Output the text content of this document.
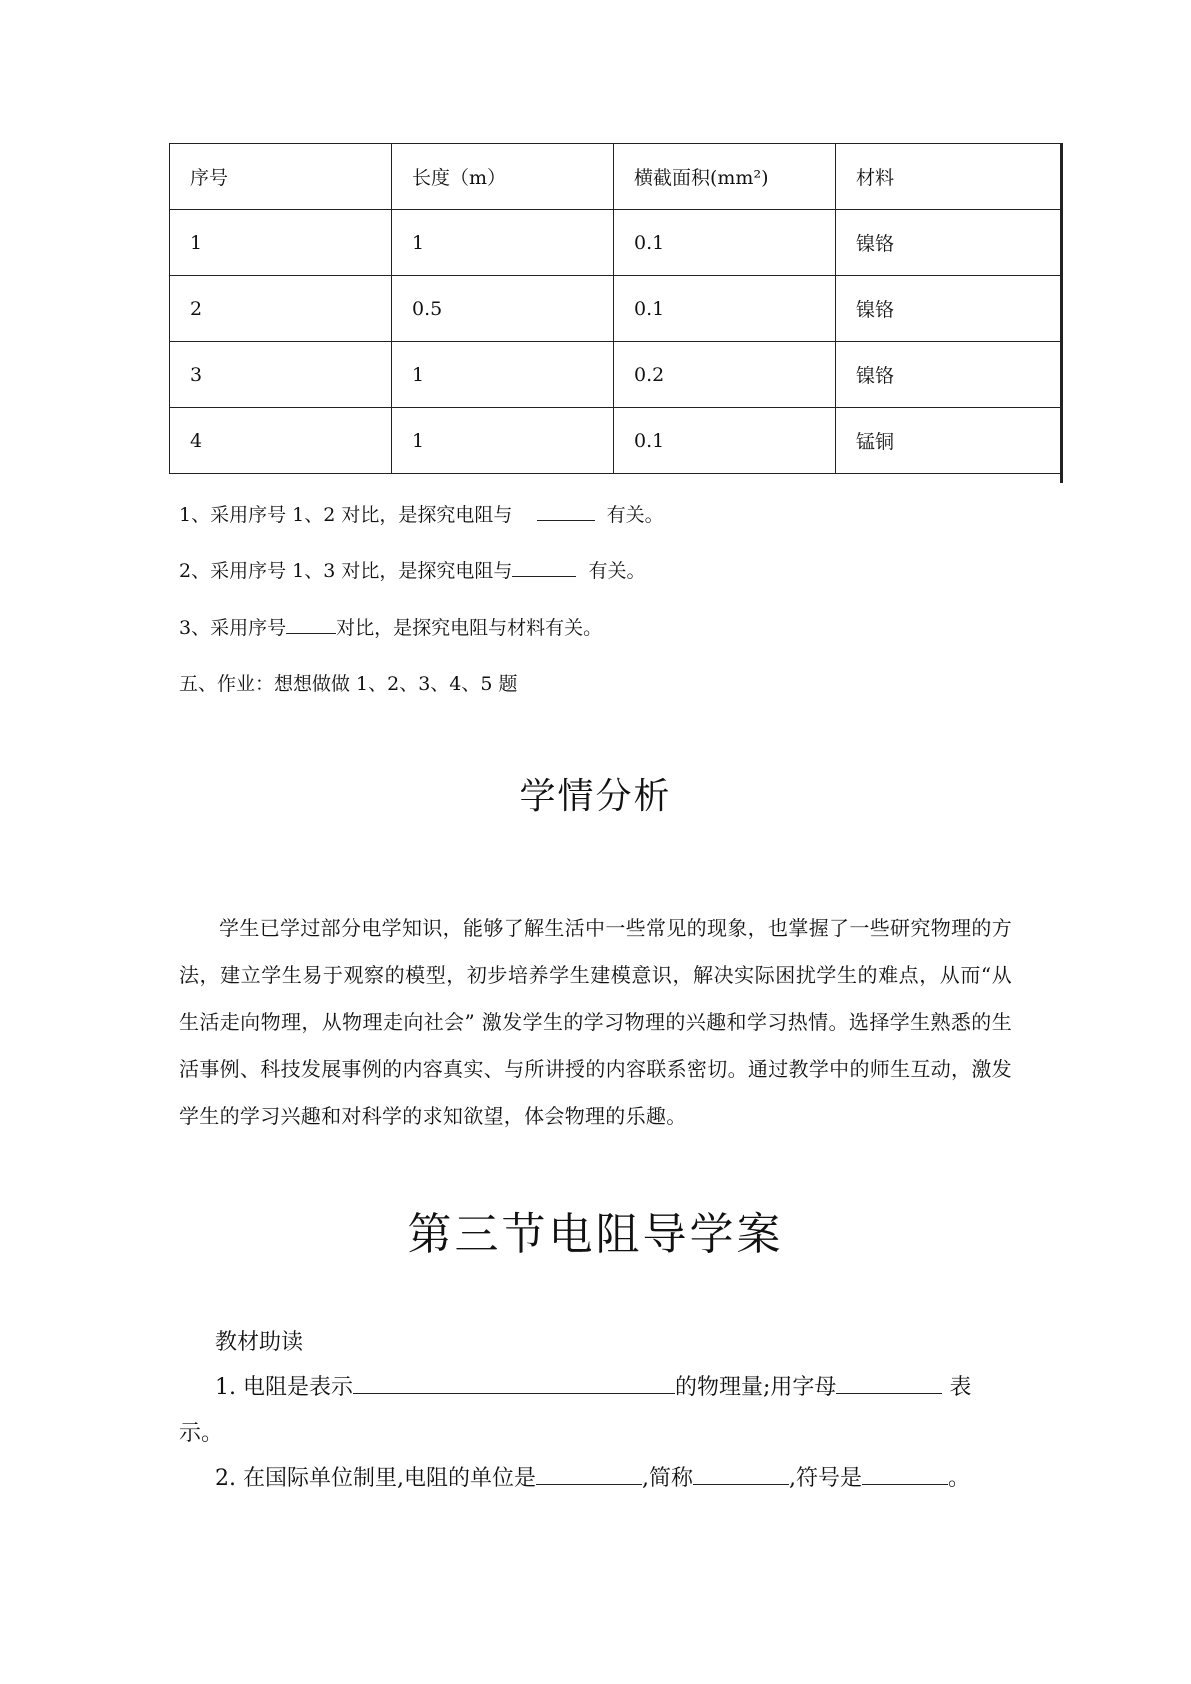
序号	长度（m）	横截面积(mm²)	材料
1	1	0.1	镍铬
2	0.5	0.1	镍铬
3	1	0.2	镍铬
4	1	0.1	锰铜
1、采用序号 1、2 对比，是探究电阻与	有关。
2、采用序号 1、3 对比，是探究电阻与	有关。
3、采用序号	对比，是探究电阻与材料有关。
五、作业：想想做做 1、2、3、4、5 题
学情分析
学生已学过部分电学知识，能够了解生活中一些常见的现象，也掌握了一些研究物理的方法，建立学生易于观察的模型，初步培养学生建模意识，解决实际困扰学生的难点，从而“从生活走向物理，从物理走向社会” 激发学生的学习物理的兴趣和学习热情。选择学生熟悉的生活事例、科技发展事例的内容真实、与所讲授的内容联系密切。通过教学中的师生互动，激发学生的学习兴趣和对科学的求知欲望，体会物理的乐趣。
第三节电阻导学案
教材助读
1. 电阻是表示	的物理量;用字母	表
示。
2. 在国际单位制里,电阻的单位是	,简称	,符号是	。
